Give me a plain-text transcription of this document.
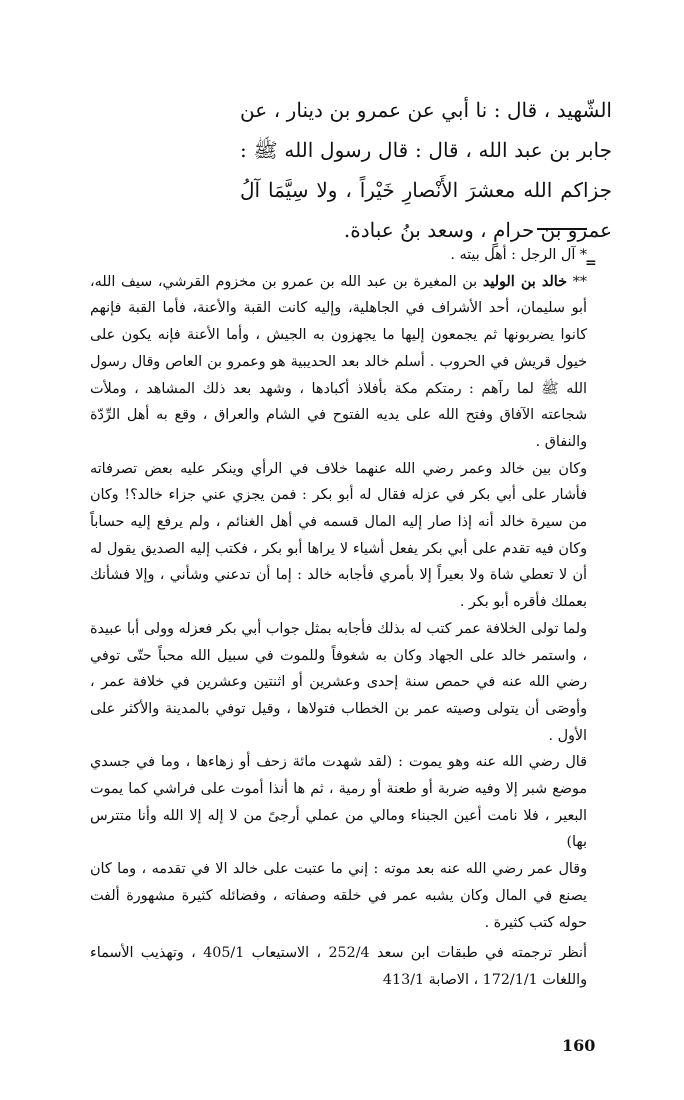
الشّهيد ، قال : نا أبي عن عمرو بن دينار ، عن جابر بن عبد الله ، قال : قال رسول الله ﷺ : جزاكم الله معشرَ الأَنْصارِ خَيْراً ، ولا سِيَّمَا آلُ عمرو بن حرامٍ ، وسعد بنُ عبادة.

=

* آل الرجل : أهل بيته .

** خالد بن الوليد بن المغيرة بن عبد الله بن عمرو بن مخزوم القرشي، سيف الله، أبو سليمان، أحد الأشراف في الجاهلية، وإليه كانت القبة والأعنة، فأما القبة فإنهم كانوا يضربونها ثم يجمعون إليها ما يجهزون به الجيش ، وأما الأعنة فإنه يكون على خيول قريش في الحروب . أسلم خالد بعد الحديبية هو وعمرو بن العاص وقال رسول الله ﷺ لما رآهم : رمتكم مكة بأفلاذ أكبادها ، وشهد بعد ذلك المشاهد ، وملأت شجاعته الآفاق وفتح الله على يديه الفتوح في الشام والعراق ، وقع به أهل الرِّدّة والنفاق .

وكان بين خالد وعمر رضي الله عنهما خلاف في الرأي وينكر عليه بعض تصرفاته فأشار على أبي بكر في عزله فقال له أبو بكر : فمن يجزي عني جزاء خالد؟! وكان من سيرة خالد أنه إذا صار إليه المال قسمه في أهل الغنائم ، ولم يرفع إليه حساباً وكان فيه تقدم على أبي بكر يفعل أشياء لا يراها أبو بكر ، فكتب إليه الصديق يقول له أن لا تعطي شاة ولا بعيراً إلا بأمري فأجابه خالد : إما أن تدعني وشأني ، وإلا فشأنك بعملك فأقره أبو بكر .

ولما تولى الخلافة عمر كتب له بذلك فأجابه بمثل جواب أبي بكر فعزله وولى أبا عبيدة ، واستمر خالد على الجهاد وكان به شغوفاً وللموت في سبيل الله محباً حتّى توفي رضي الله عنه في حمص سنة إحدى وعشرين أو اثنتين وعشرين في خلافة عمر ، وأوصَى أن يتولى وصيته عمر بن الخطاب فتولاها ، وقيل توفي بالمدينة والأكثر على الأول .

قال رضي الله عنه وهو يموت : (لقد شهدت مائة زحف أو زهاءها ، وما في جسدي موضع شبر إلا وفيه ضربة أو طعنة أو رمية ، ثم ها أنذا أموت على فراشي كما يموت البعير ، فلا نامت أعين الجبناء ومالي من عملي أرجىً من لا إله إلا الله وأنا متترس بها)

وقال عمر رضي الله عنه بعد موته : إني ما عتبت على خالد الا في تقدمه ، وما كان يصنع في المال وكان يشبه عمر في خلقه وصفاته ، وفضائله كثيرة مشهورة ألفت حوله كتب كثيرة .

أنظر ترجمته في طبقات ابن سعد 252/4 ، الاستيعاب 405/1 ، وتهذيب الأسماء واللغات 172/1/1 ، الاصابة 413/1

160
